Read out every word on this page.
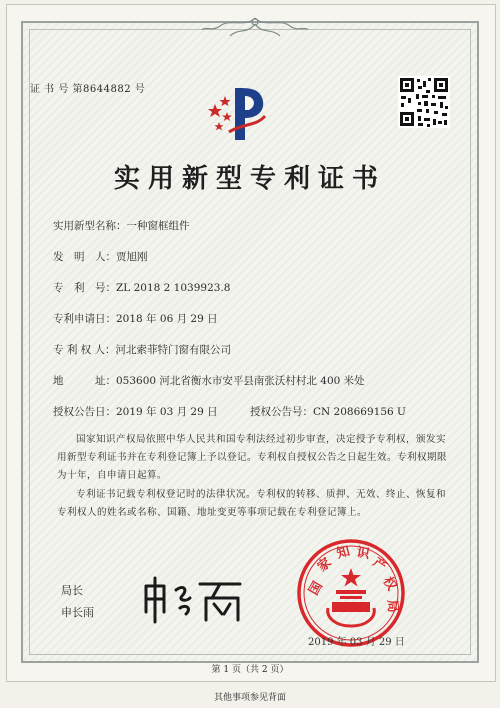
证 书 号 第8644882 号
实用新型专利证书
实用新型名称：一种窗框组件
发　明　人：贾旭刚
专　利　号：ZL 2018 2 1039923.8
专利申请日：2018 年 06 月 29 日
专 利 权 人：河北索菲特门窗有限公司
地　　　址：053600 河北省衡水市安平县南张沃村村北 400 米处
授权公告日：2019 年 03 月 29 日	授权公告号：CN 208669156 U
国家知识产权局依照中华人民共和国专利法经过初步审查，决定授予专利权，颁发实用新型专利证书并在专利登记簿上予以登记。专利权自授权公告之日起生效。专利权期限为十年，自申请日起算。
专利证书记载专利权登记时的法律状况。专利权的转移、质押、无效、终止、恢复和专利权人的姓名或名称、国籍、地址变更等事项记载在专利登记簿上。
局长
申长雨
国
家
知 识
产
权
局
2019 年 03 月 29 日
第 1 页（共 2 页）
其他事项参见背面
